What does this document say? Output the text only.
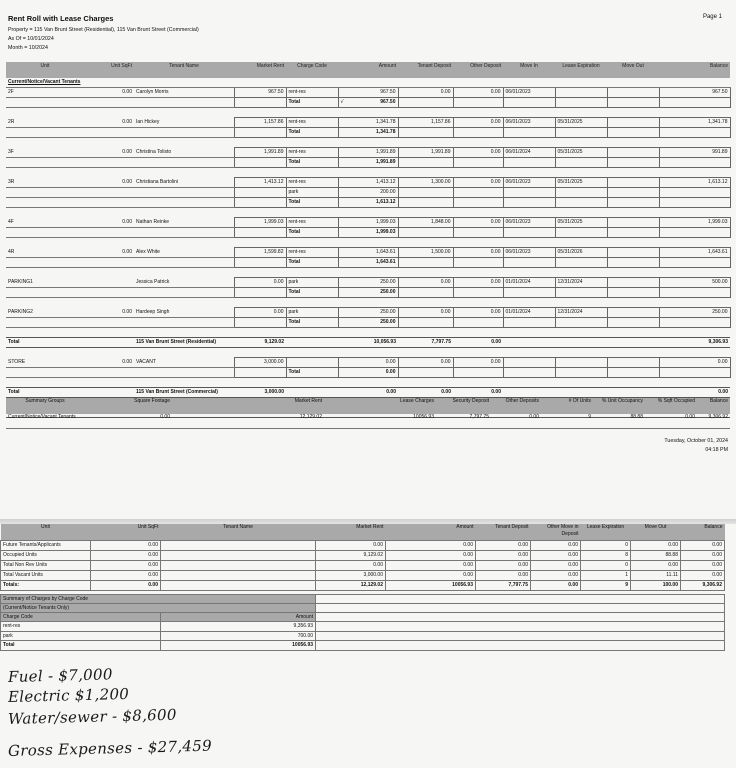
Rent Roll with Lease Charges	Page 1
Property = 115 Van Brunt Street (Residential), 115 Van Brunt Street (Commercial)
As Of = 10/01/2024
Month = 10/2024
Unit	Unit SqFt	Tenant Name	Market Rent	Charge Code	Amount	Tenant Deposit	Other Deposit	Move In	Lease Expiration	Move Out	Balance
Current/Notice/Vacant Tenants											
2F	0.00	Carolyn Morris	967.50	rent-res	967.50	0.00	0.00	06/01/2023			967.50
				Total	√ 967.50						

2R	0.00	Ian Hickey	1,157.86	rent-res	1,341.78	1,157.86	0.00	06/01/2023	05/31/2025		1,341.78
				Total	1,341.78						

3F	0.00	Christina Tolisto	1,991.89	rent-res	1,991.89	1,991.89	0.00	06/01/2024	05/31/2025		991.89
				Total	1,991.89						

3R	0.00	Christiana Bartolini	1,413.12	rent-res	1,413.12	1,300.00	0.00	06/01/2023	05/31/2025		1,613.12
				park	200.00						
				Total	1,613.12						

4F	0.00	Nathan Reinke	1,999.03	rent-res	1,999.03	1,848.00	0.00	06/01/2023	05/31/2025		1,999.03
				Total	1,999.03						

4R	0.00	Alex White	1,599.82	rent-res	1,643.61	1,500.00	0.00	06/01/2023	05/31/2026		1,643.61
				Total	1,643.61						

PARKING1		Jessica Patrick	0.00	park	250.00	0.00	0.00	01/01/2024	12/31/2024		500.00
				Total	250.00						

PARKING2	0.00	Hardeep Singh	0.00	park	250.00	0.00	0.00	01/01/2024	12/31/2024		250.00
				Total	250.00						

Total		115 Van Brunt Street (Residential)	9,129.02		10,056.93	7,797.75	0.00				9,306.93

STORE	0.00	VACANT	3,000.00		0.00	0.00	0.00				0.00
				Total	0.00						

Total		115 Van Brunt Street (Commercial)	3,000.00		0.00	0.00	0.00				0.00

Summary Groups	Square Footage	Market Rent	Lease Charges	Security Deposit	Other Deposits	# Of Units	% Unit Occupancy	% Sqft Occupied	Balance
Current/Notice/Vacant Tenants	0.00	12,129.02	10056.93	7,797.75	0.00	9	88.88	0.00	9,306.92
Tuesday, October 01, 2024
04:18 PM
Unit	Unit SqFt	Tenant Name	Market Rent	Amount	Tenant Deposit	Other Move in Deposit	Lease Expiration	Move Out	Balance
Future Tenants/Applicants	0.00		0.00	0.00	0.00	0.00	0	0.00	0.00
Occupied Units	0.00		9,129.02	0.00	0.00	0.00	8	88.88	0.00
Total Non Rev Units	0.00		0.00	0.00	0.00	0.00	0	0.00	0.00
Total Vacant Units	0.00		3,000.00	0.00	0.00	0.00	1	11.11	0.00
Totals:	0.00		12,129.02	10056.93	7,797.75	0.00	9	100.00	9,306.92
Summary of Charges by Charge Code		
(Current/Notice Tenants Only)		
Charge Code	Amount	
rent-res	9,356.93	
park	700.00	
Total	10056.93	
Fuel - $7,000
Electric $1,200
Water/sewer - $8,600
Gross Expenses - $27,459
